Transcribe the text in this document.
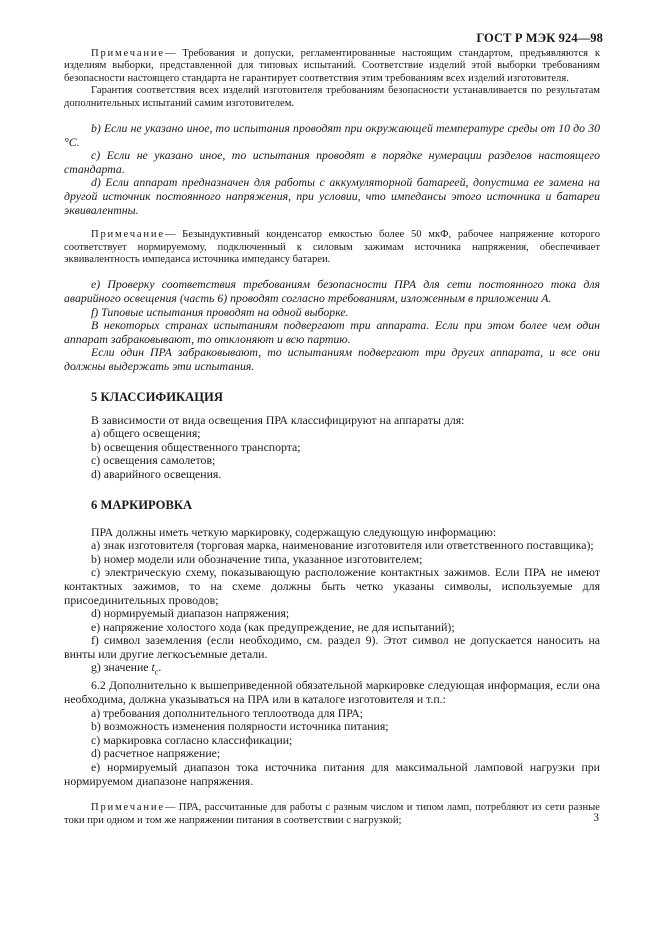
ГОСТ Р МЭК 924—98

Примечание— Требования и допуски, регламентированные настоящим стандартом, предъявляются к изделиям выборки, представленной для типовых испытаний. Соответствие изделий этой выборки требованиям безопасности настоящего стандарта не гарантирует соответствия этим требованиям всех изделий изготовителя.

Гарантия соответствия всех изделий изготовителя требованиям безопасности устанавливается по результатам дополнительных испытаний самим изготовителем.

b) Если не указано иное, то испытания проводят при окружающей температуре среды от 10 до 30 °С.

c) Если не указано иное, то испытания проводят в порядке нумерации разделов настоящего стандарта.

d) Если аппарат предназначен для работы с аккумуляторной батареей, допустима ее замена на другой источник постоянного напряжения, при условии, что импедансы этого источника и батареи эквивалентны.

Примечание— Безындуктивный конденсатор емкостью более 50 мкФ, рабочее напряжение которого соответствует нормируемому, подключенный к силовым зажимам источника напряжения, обеспечивает эквивалентность импеданса источника импедансу батареи.

e) Проверку соответствия требованиям безопасности ПРА для сети постоянного тока для аварийного освещения (часть 6) проводят согласно требованиям, изложенным в приложении А.

f) Типовые испытания проводят на одной выборке.

В некоторых странах испытаниям подвергают три аппарата. Если при этом более чем один аппарат забраковывают, то отклоняют и всю партию.

Если один ПРА забраковывают, то испытаниям подвергают три других аппарата, и все они должны выдержать эти испытания.

5 КЛАССИФИКАЦИЯ

В зависимости от вида освещения ПРА классифицируют на аппараты для:

а) общего освещения;

b) освещения общественного транспорта;

c) освещения самолетов;

d) аварийного освещения.

6 МАРКИРОВКА

ПРА должны иметь четкую маркировку, содержащую следующую информацию:

а) знак изготовителя (торговая марка, наименование изготовителя или ответственного поставщика);

b) номер модели или обозначение типа, указанное изготовителем;

c) электрическую схему, показывающую расположение контактных зажимов. Если ПРА не имеют контактных зажимов, то на схеме должны быть четко указаны символы, используемые для присоединительных проводов;

d) нормируемый диапазон напряжения;

e) напряжение холостого хода (как предупреждение, не для испытаний);

f) символ заземления (если необходимо, см. раздел 9). Этот символ не допускается наносить на винты или другие легкосъемные детали.

g) значение $t_c$.

6.2 Дополнительно к вышеприведенной обязательной маркировке следующая информация, если она необходима, должна указываться на ПРА или в каталоге изготовителя и т.п.:

а) требования дополнительного теплоотвода для ПРА;

b) возможность изменения полярности источника питания;

c) маркировка согласно классификации;

d) расчетное напряжение;

e) нормируемый диапазон тока источника питания для максимальной ламповой нагрузки при нормируемом диапазоне напряжения.

Примечание— ПРА, рассчитанные для работы с разным числом и типом ламп, потребляют из сети разные токи при одном и том же напряжении питания в соответствии с нагрузкой;	3
